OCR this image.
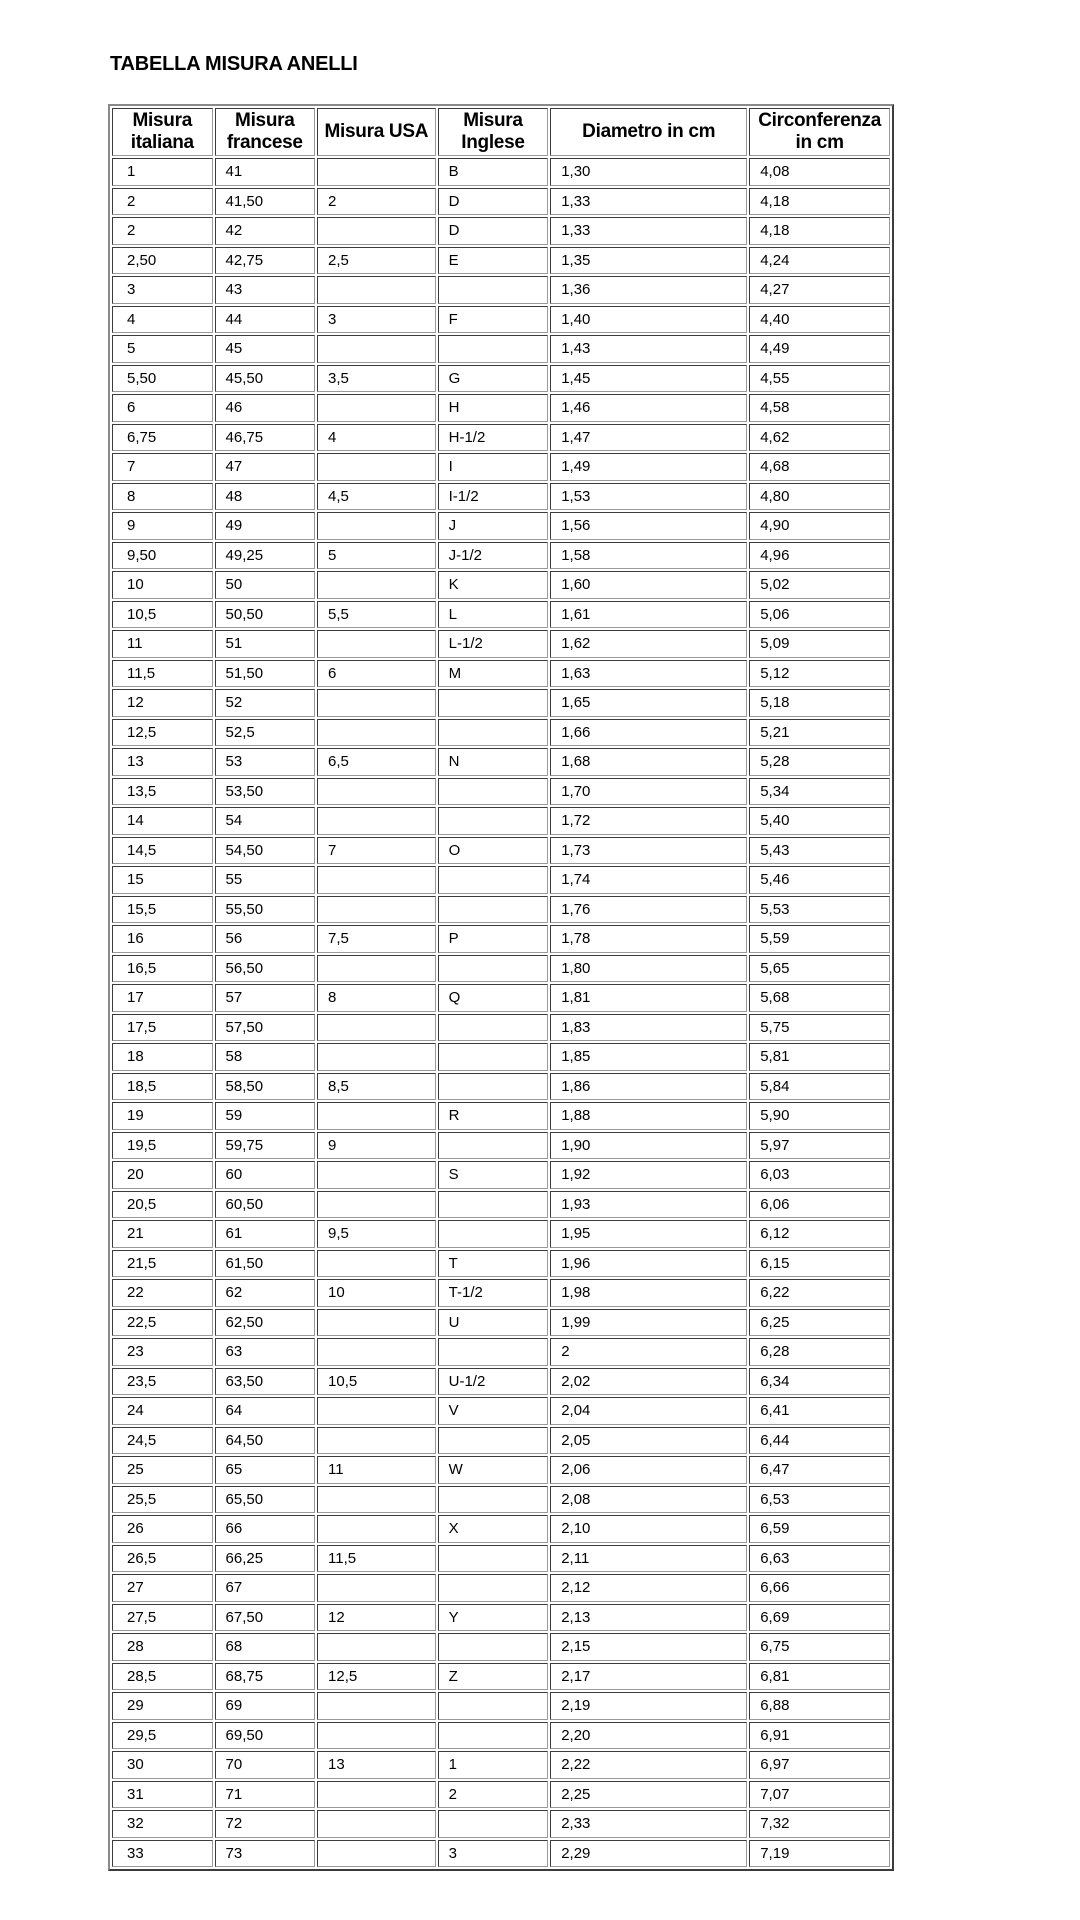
TABELLA MISURA ANELLI
Misura italiana	Misura francese	Misura USA	Misura Inglese	Diametro in cm	Circonferenza in cm
1	41		B	1,30	4,08
2	41,50	2	D	1,33	4,18
2	42		D	1,33	4,18
2,50	42,75	2,5	E	1,35	4,24
3	43			1,36	4,27
4	44	3	F	1,40	4,40
5	45			1,43	4,49
5,50	45,50	3,5	G	1,45	4,55
6	46		H	1,46	4,58
6,75	46,75	4	H-1/2	1,47	4,62
7	47		I	1,49	4,68
8	48	4,5	I-1/2	1,53	4,80
9	49		J	1,56	4,90
9,50	49,25	5	J-1/2	1,58	4,96
10	50		K	1,60	5,02
10,5	50,50	5,5	L	1,61	5,06
11	51		L-1/2	1,62	5,09
11,5	51,50	6	M	1,63	5,12
12	52			1,65	5,18
12,5	52,5			1,66	5,21
13	53	6,5	N	1,68	5,28
13,5	53,50			1,70	5,34
14	54			1,72	5,40
14,5	54,50	7	O	1,73	5,43
15	55			1,74	5,46
15,5	55,50			1,76	5,53
16	56	7,5	P	1,78	5,59
16,5	56,50			1,80	5,65
17	57	8	Q	1,81	5,68
17,5	57,50			1,83	5,75
18	58			1,85	5,81
18,5	58,50	8,5		1,86	5,84
19	59		R	1,88	5,90
19,5	59,75	9		1,90	5,97
20	60		S	1,92	6,03
20,5	60,50			1,93	6,06
21	61	9,5		1,95	6,12
21,5	61,50		T	1,96	6,15
22	62	10	T-1/2	1,98	6,22
22,5	62,50		U	1,99	6,25
23	63			2	6,28
23,5	63,50	10,5	U-1/2	2,02	6,34
24	64		V	2,04	6,41
24,5	64,50			2,05	6,44
25	65	11	W	2,06	6,47
25,5	65,50			2,08	6,53
26	66		X	2,10	6,59
26,5	66,25	11,5		2,11	6,63
27	67			2,12	6,66
27,5	67,50	12	Y	2,13	6,69
28	68			2,15	6,75
28,5	68,75	12,5	Z	2,17	6,81
29	69			2,19	6,88
29,5	69,50			2,20	6,91
30	70	13	1	2,22	6,97
31	71		2	2,25	7,07
32	72			2,33	7,32
33	73		3	2,29	7,19
